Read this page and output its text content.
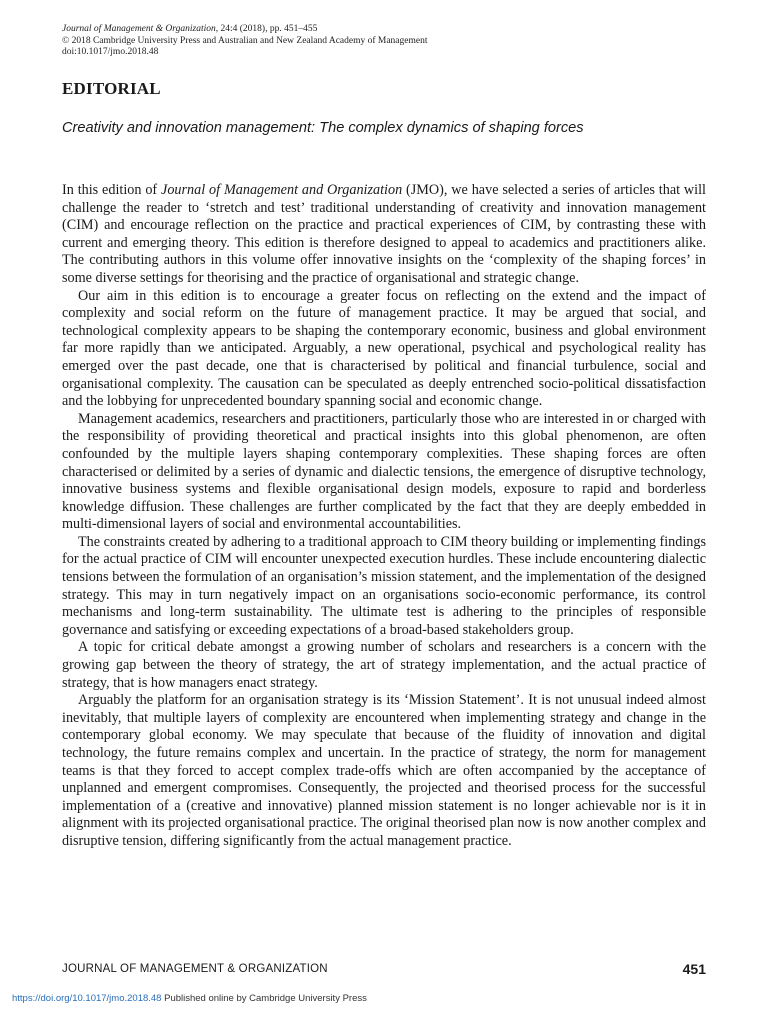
Journal of Management & Organization, 24:4 (2018), pp. 451–455
© 2018 Cambridge University Press and Australian and New Zealand Academy of Management
doi:10.1017/jmo.2018.48
EDITORIAL
Creativity and innovation management: The complex dynamics of shaping forces

In this edition of Journal of Management and Organization (JMO), we have selected a series of articles that will challenge the reader to ‘stretch and test’ traditional understanding of creativity and innovation management (CIM) and encourage reflection on the practice and practical experiences of CIM, by contrasting these with current and emerging theory. This edition is therefore designed to appeal to academics and practitioners alike. The contributing authors in this volume offer innovative insights on the ‘complexity of the shaping forces’ in some diverse settings for theorising and the practice of organisational and strategic change.

Our aim in this edition is to encourage a greater focus on reflecting on the extend and the impact of complexity and social reform on the future of management practice. It may be argued that social, and technological complexity appears to be shaping the contemporary economic, business and global environment far more rapidly than we anticipated. Arguably, a new operational, psychical and psychological reality has emerged over the past decade, one that is characterised by political and financial turbulence, social and organisational complexity. The causation can be speculated as deeply entrenched socio-political dissatisfaction and the lobbying for unprecedented boundary spanning social and economic change.

Management academics, researchers and practitioners, particularly those who are interested in or charged with the responsibility of providing theoretical and practical insights into this global phenomenon, are often confounded by the multiple layers shaping contemporary complexities. These shaping forces are often characterised or delimited by a series of dynamic and dialectic tensions, the emergence of disruptive technology, innovative business systems and flexible organisational design models, exposure to rapid and borderless knowledge diffusion. These challenges are further complicated by the fact that they are deeply embedded in multi-dimensional layers of social and environmental accountabilities.

The constraints created by adhering to a traditional approach to CIM theory building or implementing findings for the actual practice of CIM will encounter unexpected execution hurdles. These include encountering dialectic tensions between the formulation of an organisation’s mission statement, and the implementation of the designed strategy. This may in turn negatively impact on an organisations socio-economic performance, its control mechanisms and long-term sustainability. The ultimate test is adhering to the principles of responsible governance and satisfying or exceeding expectations of a broad-based stakeholders group.

A topic for critical debate amongst a growing number of scholars and researchers is a concern with the growing gap between the theory of strategy, the art of strategy implementation, and the actual practice of strategy, that is how managers enact strategy.

Arguably the platform for an organisation strategy is its ‘Mission Statement’. It is not unusual indeed almost inevitably, that multiple layers of complexity are encountered when implementing strategy and change in the contemporary global economy. We may speculate that because of the fluidity of innovation and digital technology, the future remains complex and uncertain. In the practice of strategy, the norm for management teams is that they forced to accept complex trade-offs which are often accompanied by the acceptance of unplanned and emergent compromises. Consequently, the projected and theorised process for the successful implementation of a (creative and innovative) planned mission statement is no longer achievable nor is it in alignment with its projected organisational practice. The original theorised plan now is now another complex and disruptive tension, differing significantly from the actual management practice.

JOURNAL OF MANAGEMENT & ORGANIZATION	451
https://doi.org/10.1017/jmo.2018.48 Published online by Cambridge University Press
